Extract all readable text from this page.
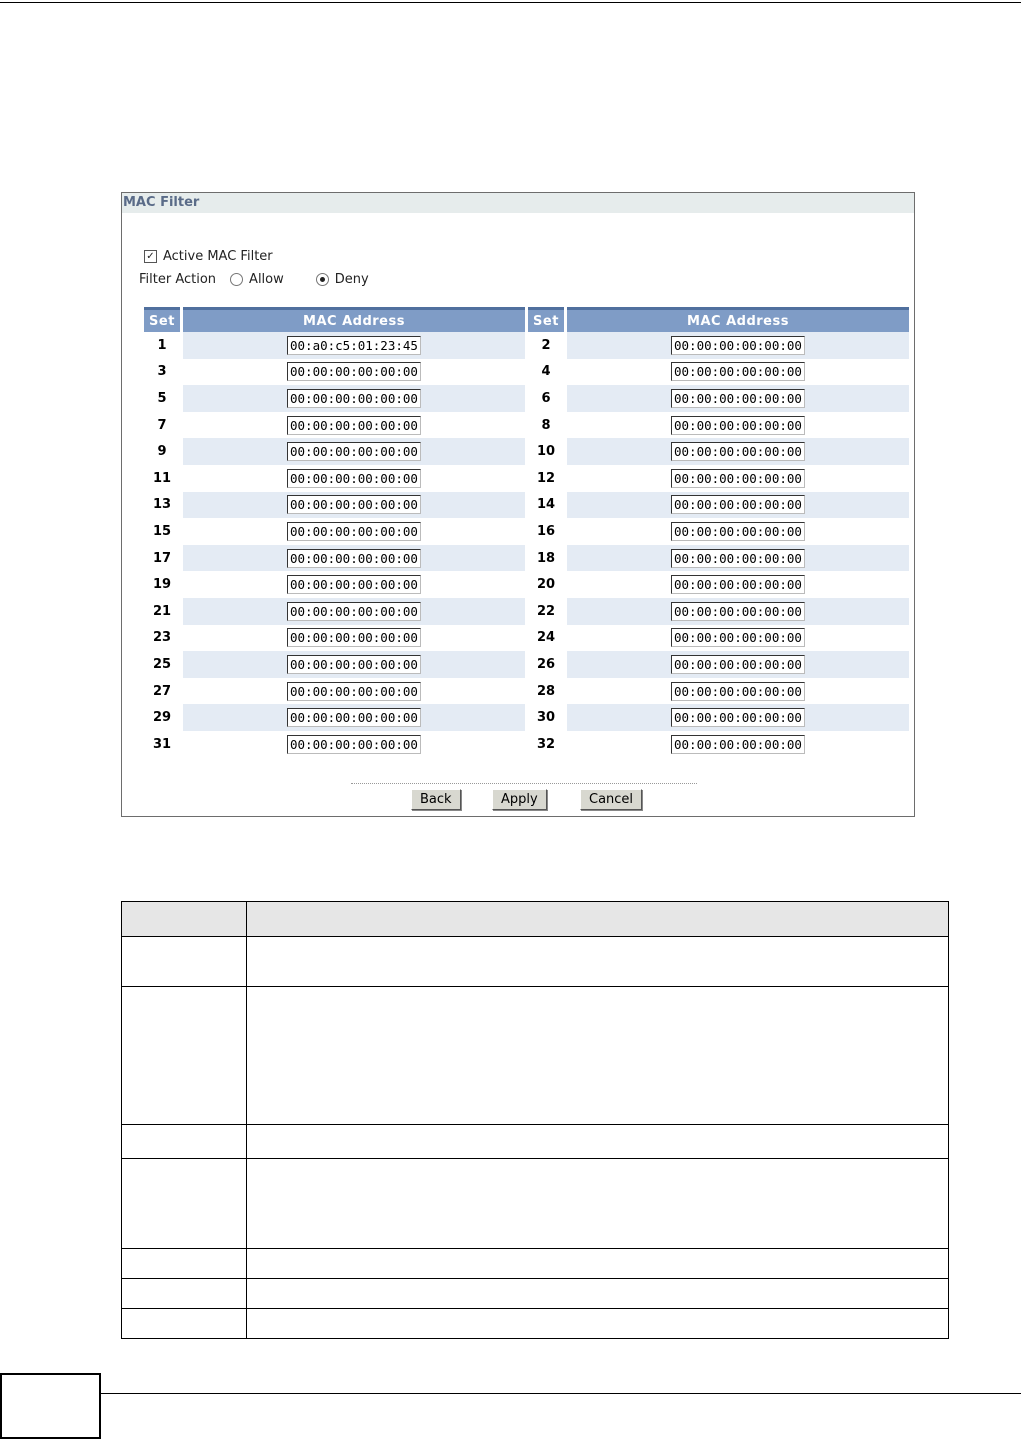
MAC Filter
✓ Active MAC Filter
Filter Action	Allow	Deny
Set	MAC Address	Set	MAC Address
1	00:a0:c5:01:23:45	2	00:00:00:00:00:00
3	00:00:00:00:00:00	4	00:00:00:00:00:00
5	00:00:00:00:00:00	6	00:00:00:00:00:00
7	00:00:00:00:00:00	8	00:00:00:00:00:00
9	00:00:00:00:00:00	10	00:00:00:00:00:00
11	00:00:00:00:00:00	12	00:00:00:00:00:00
13	00:00:00:00:00:00	14	00:00:00:00:00:00
15	00:00:00:00:00:00	16	00:00:00:00:00:00
17	00:00:00:00:00:00	18	00:00:00:00:00:00
19	00:00:00:00:00:00	20	00:00:00:00:00:00
21	00:00:00:00:00:00	22	00:00:00:00:00:00
23	00:00:00:00:00:00	24	00:00:00:00:00:00
25	00:00:00:00:00:00	26	00:00:00:00:00:00
27	00:00:00:00:00:00	28	00:00:00:00:00:00
29	00:00:00:00:00:00	30	00:00:00:00:00:00
31	00:00:00:00:00:00	32	00:00:00:00:00:00
Back	Apply	Cancel
